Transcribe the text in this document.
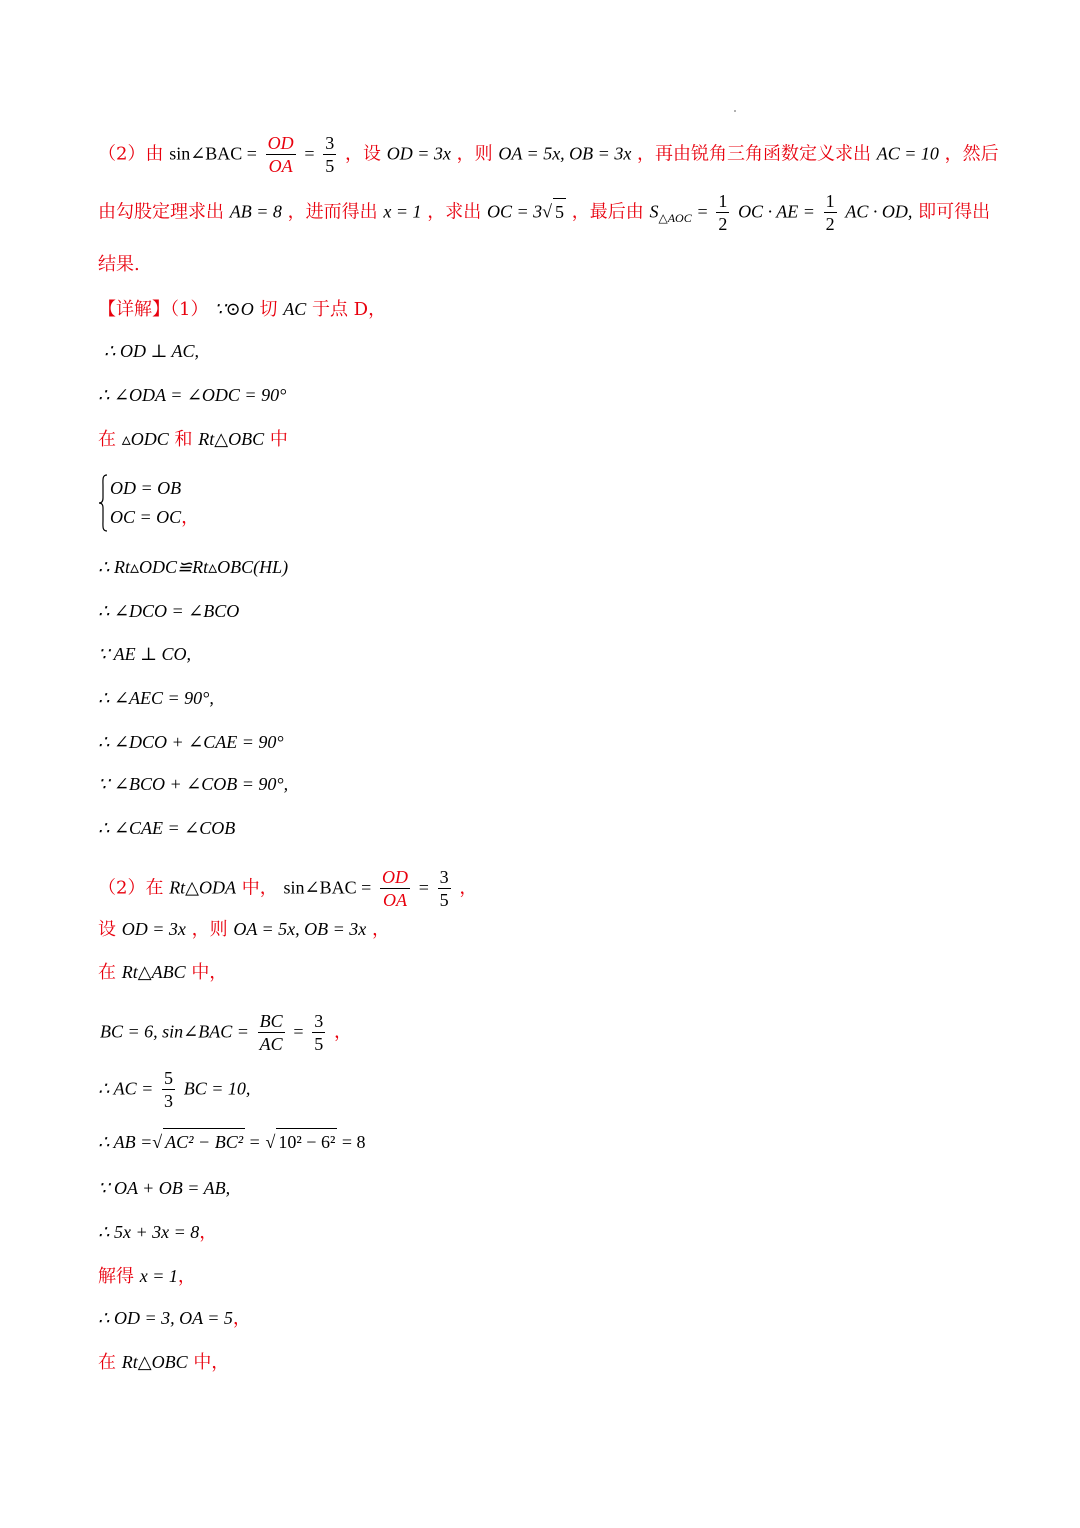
（2）由 sin∠BAC = $\frac{OD}{OA} = \frac{3}{5}$ ，设 OD = 3x ，则 OA = 5x, OB = 3x ，再由锐角三角函数定义求出 AC = 10 ，然后
由勾股定理求出 AB = 8 ，进而得出 x = 1 ，求出 OC = 3√ 5 ，最后由 $S_{\triangle AOC} = \frac{1}{2}$ OC · AE = $\frac{1}{2}$ AC · OD, 即可得出
结果.
【详解】（1） ∵⊙O 切 AC 于点 D，
∴ OD ⊥ AC,
∴ ∠ODA = ∠ODC = 90°
在 ▵ODC 和 Rt△OBC 中
OD = OB
OC = OC，
∴ Rt▵ODC≌Rt▵OBC(HL)
∴ ∠DCO = ∠BCO
∵ AE ⊥ CO,
∴ ∠AEC = 90°,
∴ ∠DCO + ∠CAE = 90°
∵ ∠BCO + ∠COB = 90°,
∴ ∠CAE = ∠COB
（2）在 Rt△ODA 中， sin∠BAC = $\frac{OD}{OA} = \frac{3}{5}$ ，
设 OD = 3x ，则 OA = 5x, OB = 3x ，
在 Rt△ABC 中，
BC = 6, sin∠BAC = $\frac{BC}{AC} = \frac{3}{5}$ ，
∴ AC = $\frac{5}{3}$ BC = 10,
∴ AB =√ AC² − BC² = √ 10² − 6² = 8
∵ OA + OB = AB,
∴ 5x + 3x = 8，
解得 x = 1，
∴ OD = 3, OA = 5，
在 Rt△OBC 中，
